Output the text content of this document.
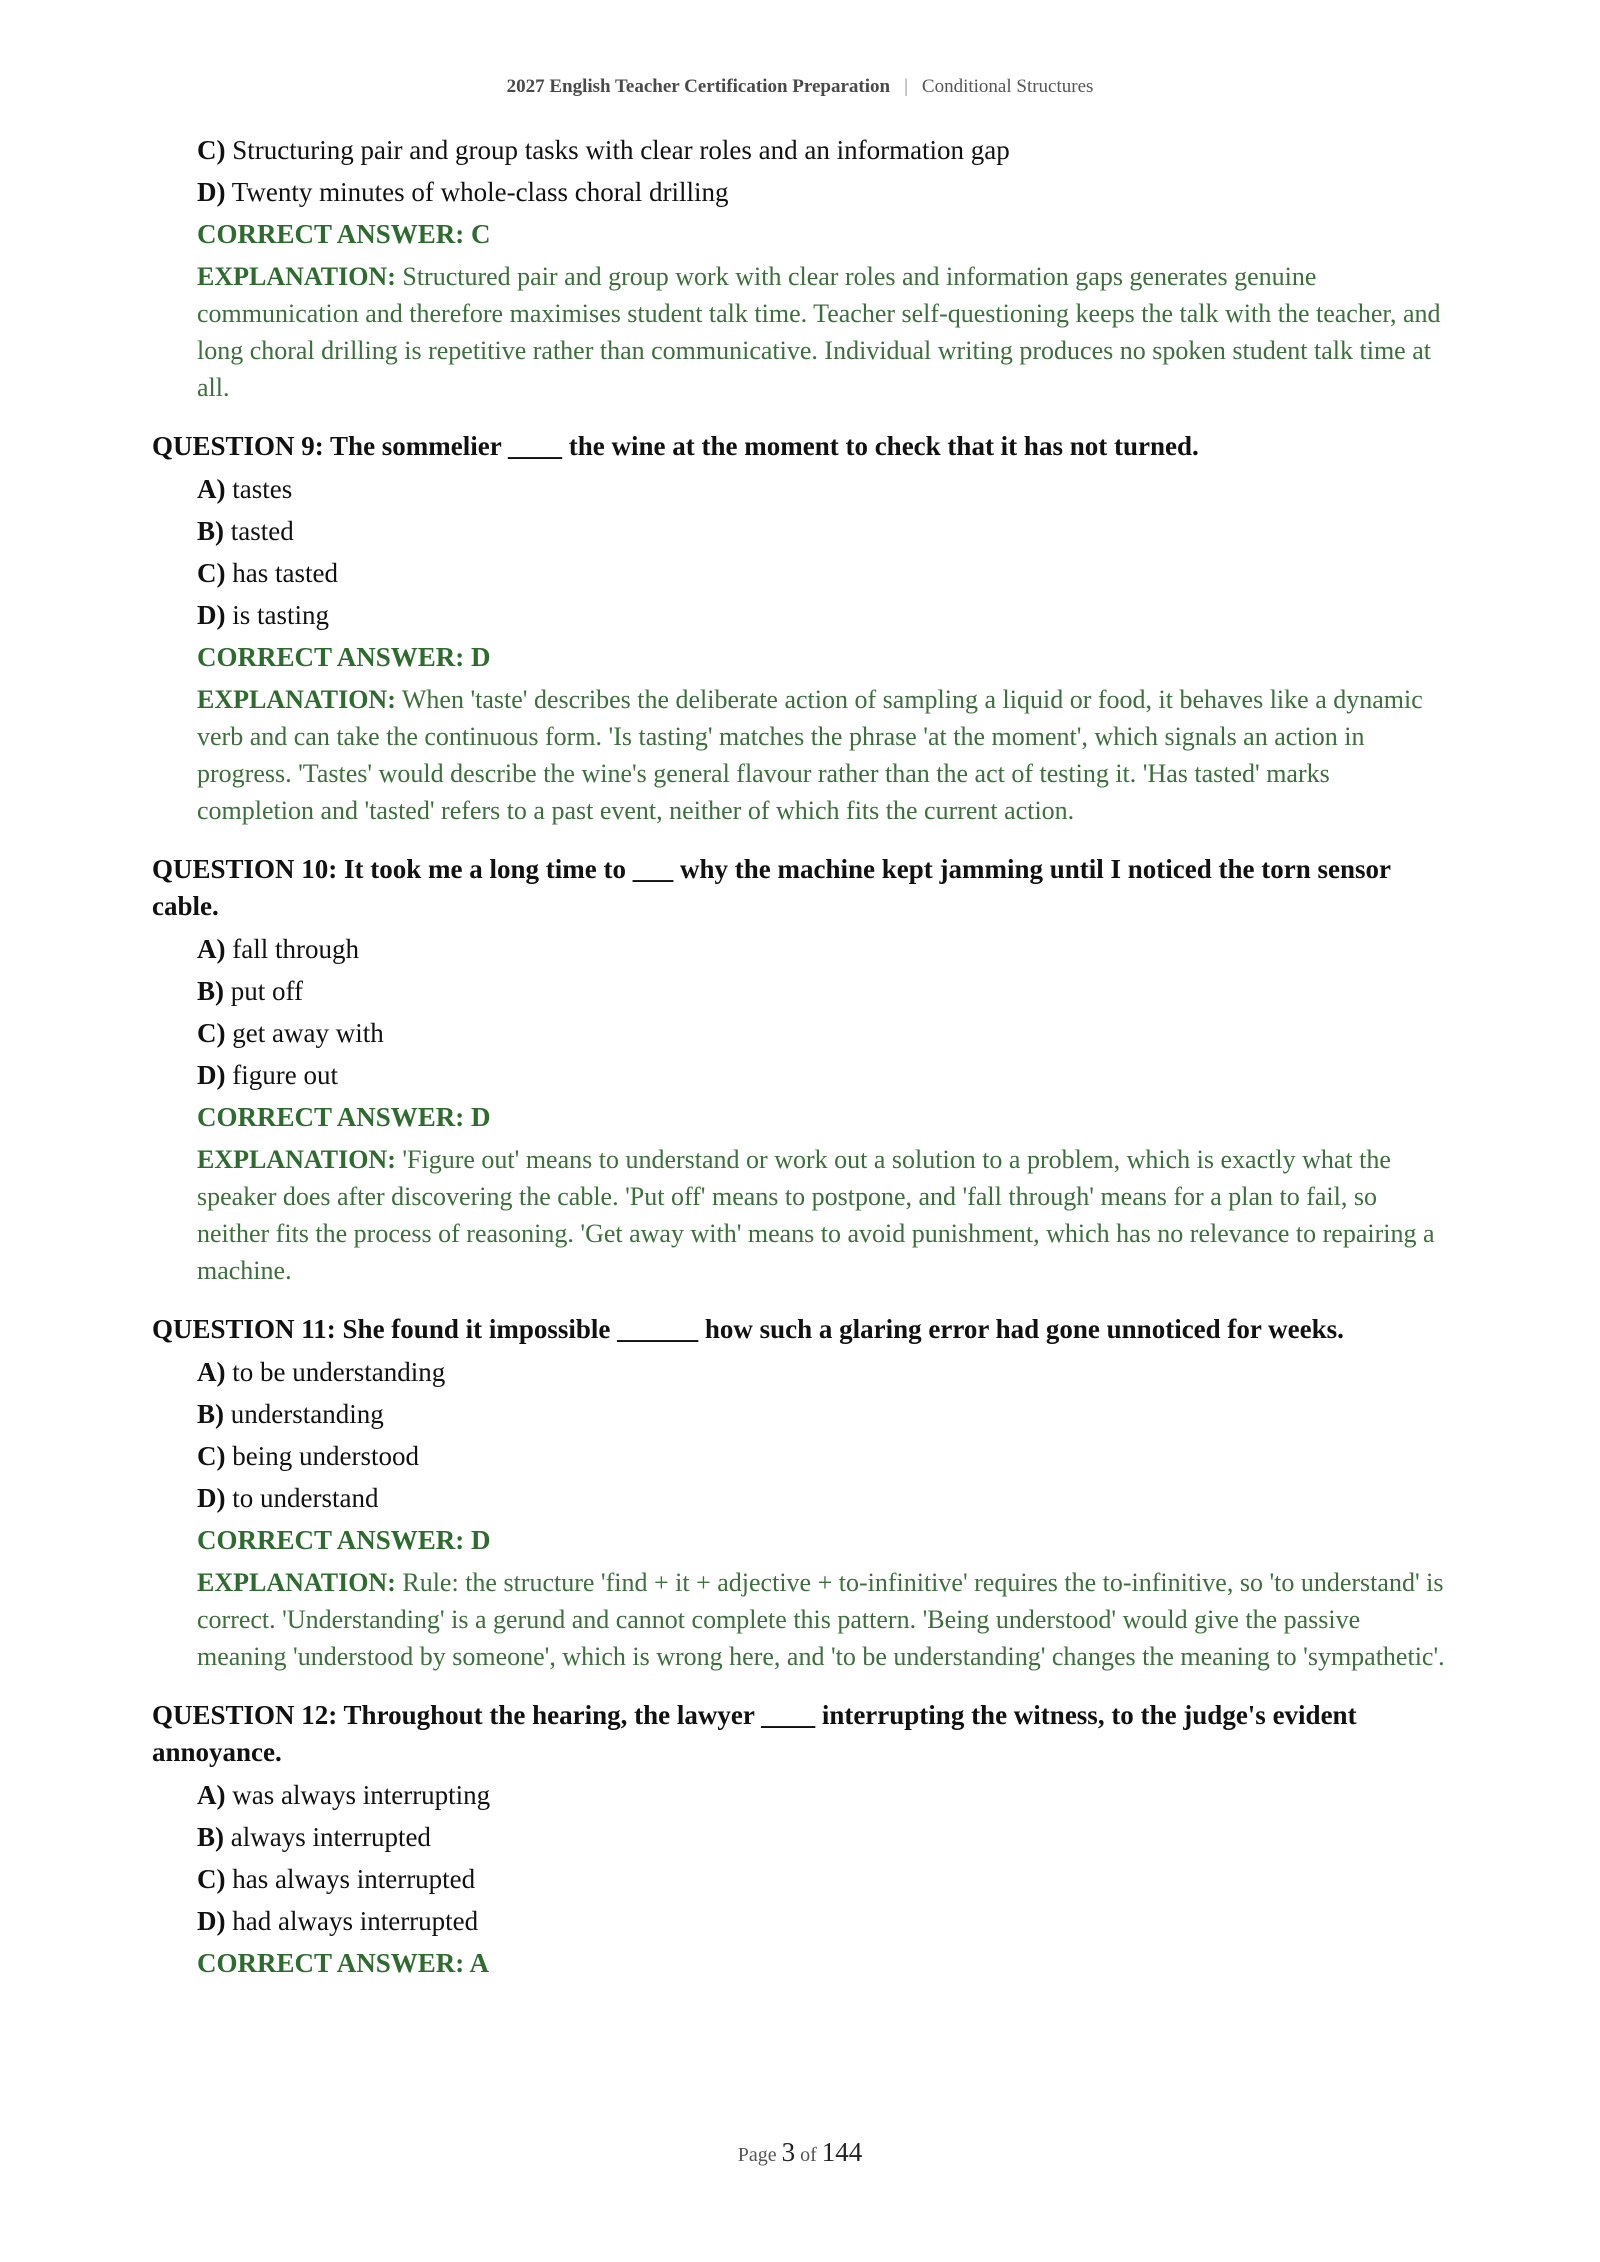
2027 English Teacher Certification Preparation | Conditional Structures
C) Structuring pair and group tasks with clear roles and an information gap
D) Twenty minutes of whole-class choral drilling
CORRECT ANSWER: C
EXPLANATION: Structured pair and group work with clear roles and information gaps generates genuine communication and therefore maximises student talk time. Teacher self-questioning keeps the talk with the teacher, and long choral drilling is repetitive rather than communicative. Individual writing produces no spoken student talk time at all.
QUESTION 9: The sommelier ____ the wine at the moment to check that it has not turned.
A) tastes
B) tasted
C) has tasted
D) is tasting
CORRECT ANSWER: D
EXPLANATION: When 'taste' describes the deliberate action of sampling a liquid or food, it behaves like a dynamic verb and can take the continuous form. 'Is tasting' matches the phrase 'at the moment', which signals an action in progress. 'Tastes' would describe the wine's general flavour rather than the act of testing it. 'Has tasted' marks completion and 'tasted' refers to a past event, neither of which fits the current action.
QUESTION 10: It took me a long time to ___ why the machine kept jamming until I noticed the torn sensor cable.
A) fall through
B) put off
C) get away with
D) figure out
CORRECT ANSWER: D
EXPLANATION: 'Figure out' means to understand or work out a solution to a problem, which is exactly what the speaker does after discovering the cable. 'Put off' means to postpone, and 'fall through' means for a plan to fail, so neither fits the process of reasoning. 'Get away with' means to avoid punishment, which has no relevance to repairing a machine.
QUESTION 11: She found it impossible ______ how such a glaring error had gone unnoticed for weeks.
A) to be understanding
B) understanding
C) being understood
D) to understand
CORRECT ANSWER: D
EXPLANATION: Rule: the structure 'find + it + adjective + to-infinitive' requires the to-infinitive, so 'to understand' is correct. 'Understanding' is a gerund and cannot complete this pattern. 'Being understood' would give the passive meaning 'understood by someone', which is wrong here, and 'to be understanding' changes the meaning to 'sympathetic'.
QUESTION 12: Throughout the hearing, the lawyer ____ interrupting the witness, to the judge's evident annoyance.
A) was always interrupting
B) always interrupted
C) has always interrupted
D) had always interrupted
CORRECT ANSWER: A
Page 3 of 144
